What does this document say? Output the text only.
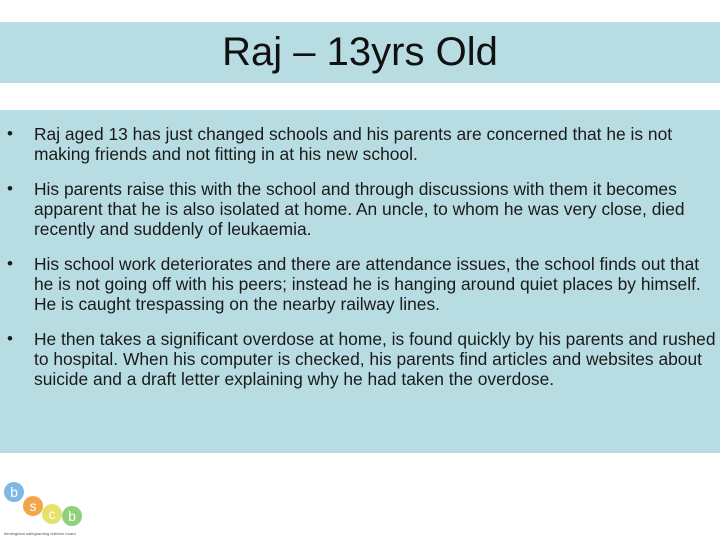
Raj – 13yrs Old
• Raj aged 13 has just changed schools and his parents are concerned that he is not making friends and not fitting in at his new school.
• His parents raise this with the school and through discussions with them it becomes apparent that he is also isolated at home. An uncle, to whom he was very close, died recently and suddenly of leukaemia.
• His school work deteriorates and there are attendance issues, the school finds out that he is not going off with his peers; instead he is hanging around quiet places by himself. He is caught trespassing on the nearby railway lines.
• He then takes a significant overdose at home, is found quickly by his parents and rushed to hospital. When his computer is checked, his parents find articles and websites about suicide and a draft letter explaining why he had taken the overdose.
b
s c b
birmingham safeguarding children board
